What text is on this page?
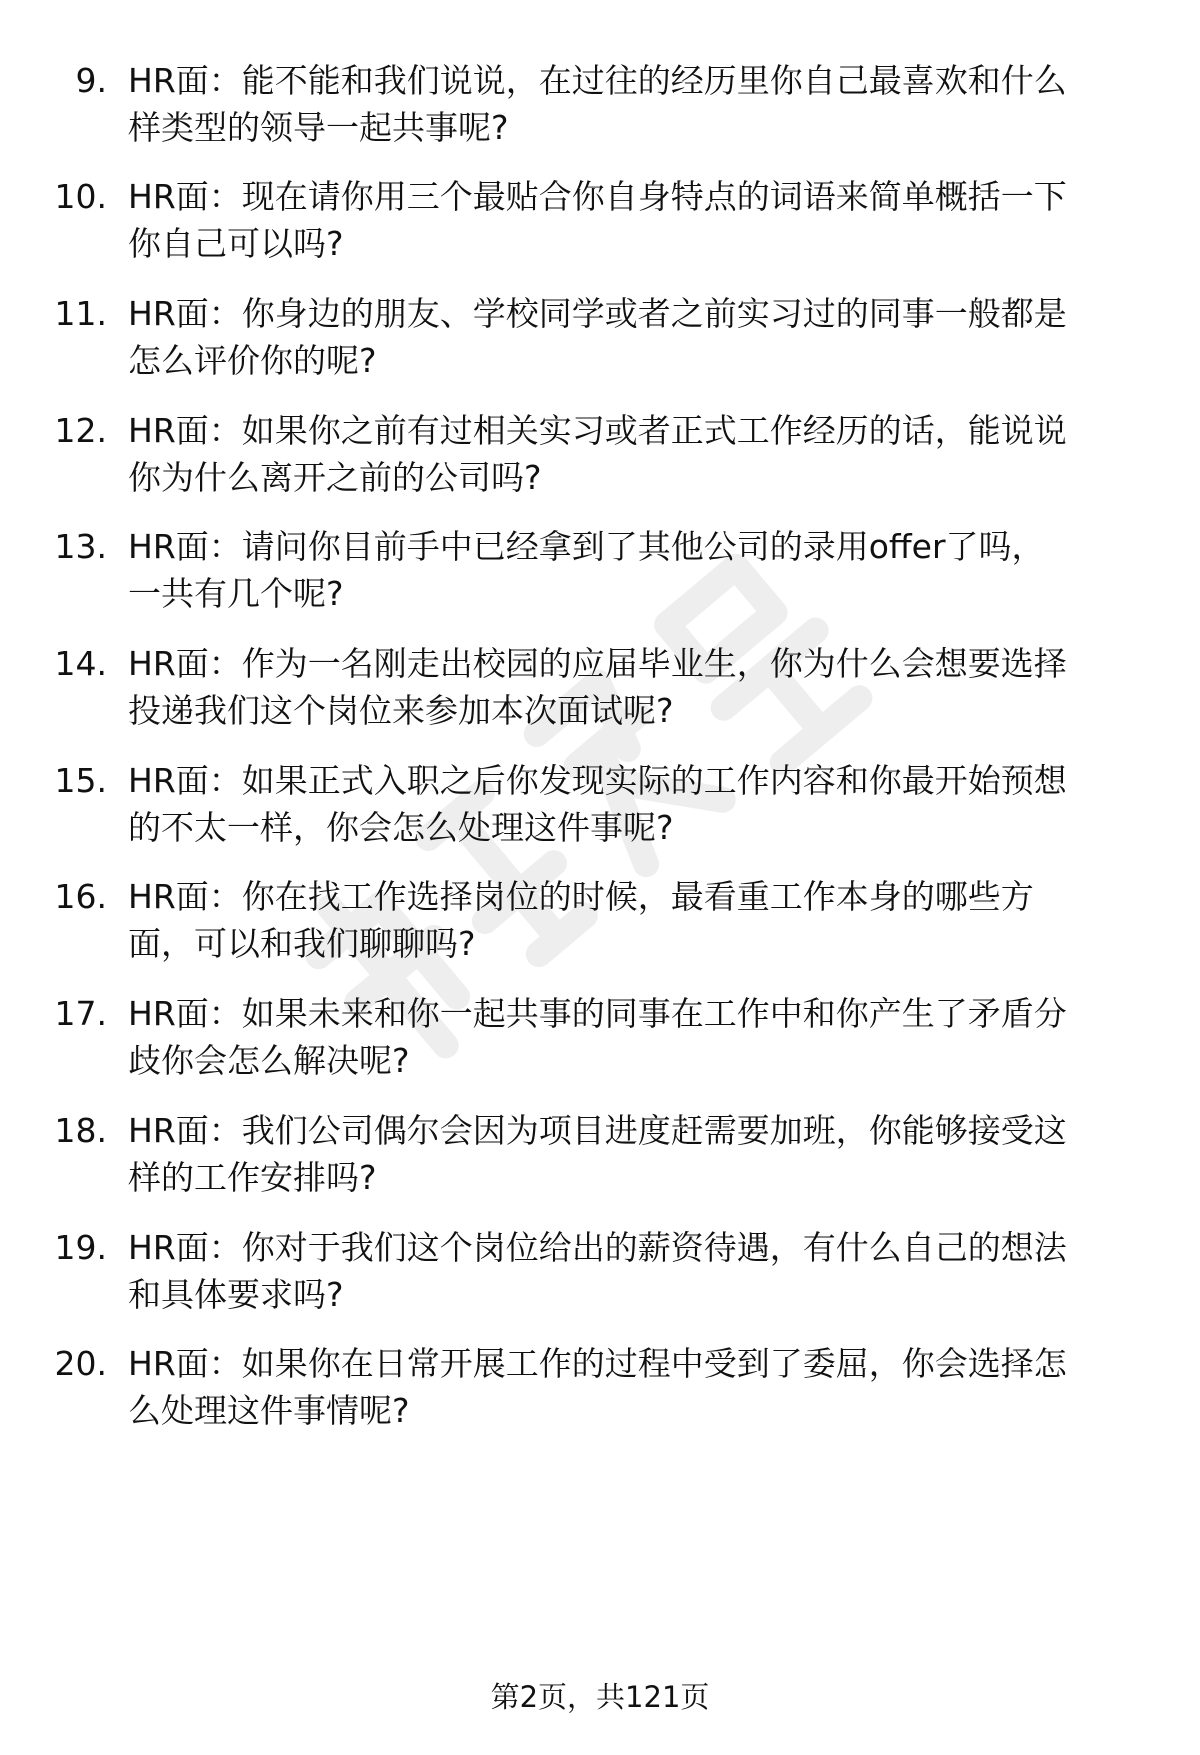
9. HR面：能不能和我们说说，在过往的经历里你自己最喜欢和什么
样类型的领导一起共事呢?
10. HR面：现在请你用三个最贴合你自身特点的词语来简单概括一下
你自己可以吗?
11. HR面：你身边的朋友、学校同学或者之前实习过的同事一般都是
怎么评价你的呢?
12. HR面：如果你之前有过相关实习或者正式工作经历的话，能说说
你为什么离开之前的公司吗?
13. HR面：请问你目前手中已经拿到了其他公司的录用offer了吗，
一共有几个呢?
14. HR面：作为一名刚走出校园的应届毕业生，你为什么会想要选择
投递我们这个岗位来参加本次面试呢?
15. HR面：如果正式入职之后你发现实际的工作内容和你最开始预想
的不太一样，你会怎么处理这件事呢?
16. HR面：你在找工作选择岗位的时候，最看重工作本身的哪些方
面，可以和我们聊聊吗?
17. HR面：如果未来和你一起共事的同事在工作中和你产生了矛盾分
歧你会怎么解决呢?
18. HR面：我们公司偶尔会因为项目进度赶需要加班，你能够接受这
样的工作安排吗?
19. HR面：你对于我们这个岗位给出的薪资待遇，有什么自己的想法
和具体要求吗?
20. HR面：如果你在日常开展工作的过程中受到了委屈，你会选择怎
么处理这件事情呢?
第2页，共121页
